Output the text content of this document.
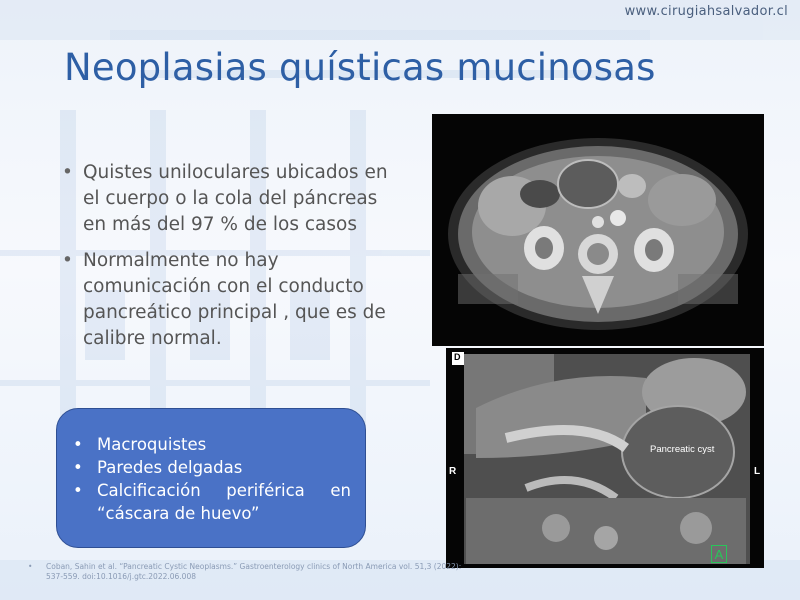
www.cirugiahsalvador.cl
Neoplasias quísticas mucinosas
• Quistes uniloculares ubicados en el cuerpo o la cola del páncreas en más del 97 % de los casos
• Normalmente no hay comunicación con el conducto pancreático principal , que es de calibre normal.
• Macroquistes
• Paredes delgadas
• Calcificación periférica en
“cáscara de huevo”
D
R	L
Pancreatic cyst
A
•	Coban, Sahin et al. “Pancreatic Cystic Neoplasms.” Gastroenterology clinics of North America vol. 51,3 (2022): 537-559. doi:10.1016/j.gtc.2022.06.008
